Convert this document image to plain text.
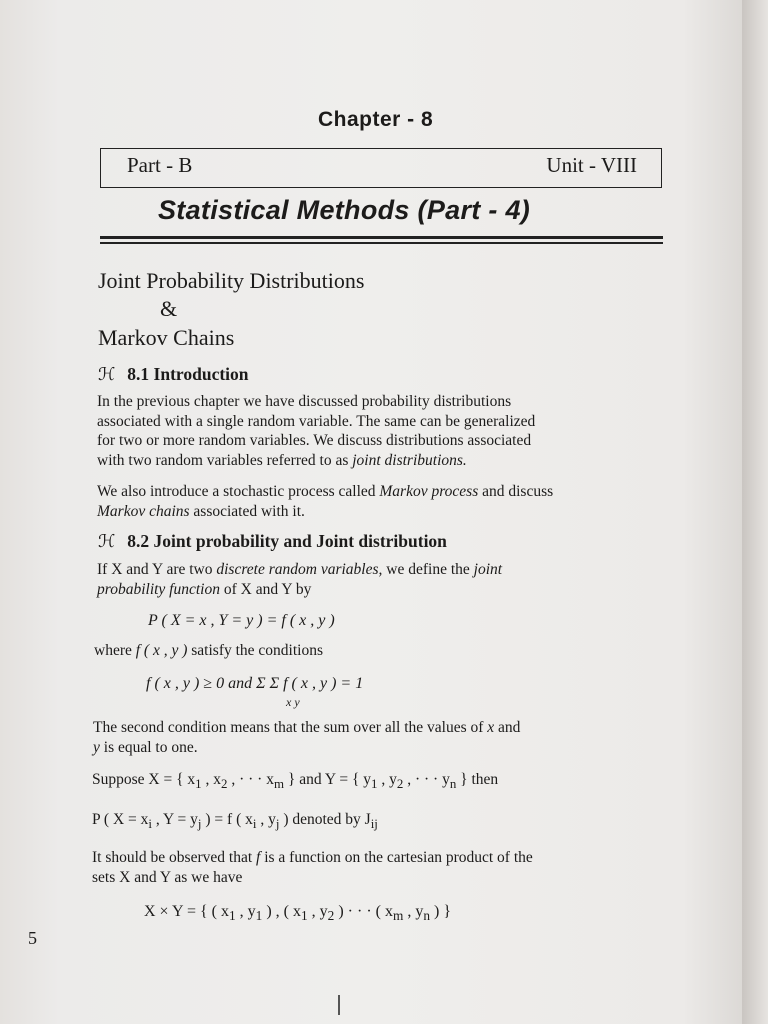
Chapter - 8
Part - B	Unit - VIII
Statistical Methods (Part - 4)
Joint Probability Distributions
&
Markov Chains
ℋ 8.1 Introduction
In the previous chapter we have discussed probability distributions
associated with a single random variable. The same can be generalized
for two or more random variables. We discuss distributions associated
with two random variables referred to as joint distributions.
We also introduce a stochastic process called Markov process and discuss
Markov chains associated with it.
ℋ 8.2 Joint probability and Joint distribution
If X and Y are two discrete random variables, we define the joint
probability function of X and Y by
P ( X = x , Y = y ) = f ( x , y )
where f ( x , y ) satisfy the conditions
f ( x , y ) ≥ 0 and Σ Σ f ( x , y ) = 1
x y
The second condition means that the sum over all the values of x and
y is equal to one.
Suppose X = { $x_1$ , $x_2$ , · · · $x_m$ } and Y = { $y_1$ , $y_2$ , · · · $y_n$ } then
P ( $X = x_i$ , $Y = y_j$ ) = f ( $x_i$ , $y_j$ ) denoted by $J_{ij}$
It should be observed that f is a function on the cartesian product of the
sets X and Y as we have
X × Y = { ( $x_1$ , $y_1$ ) , ( $x_1$ , $y_2$ ) · · · ( $x_m$ , $y_n$ ) }
5
